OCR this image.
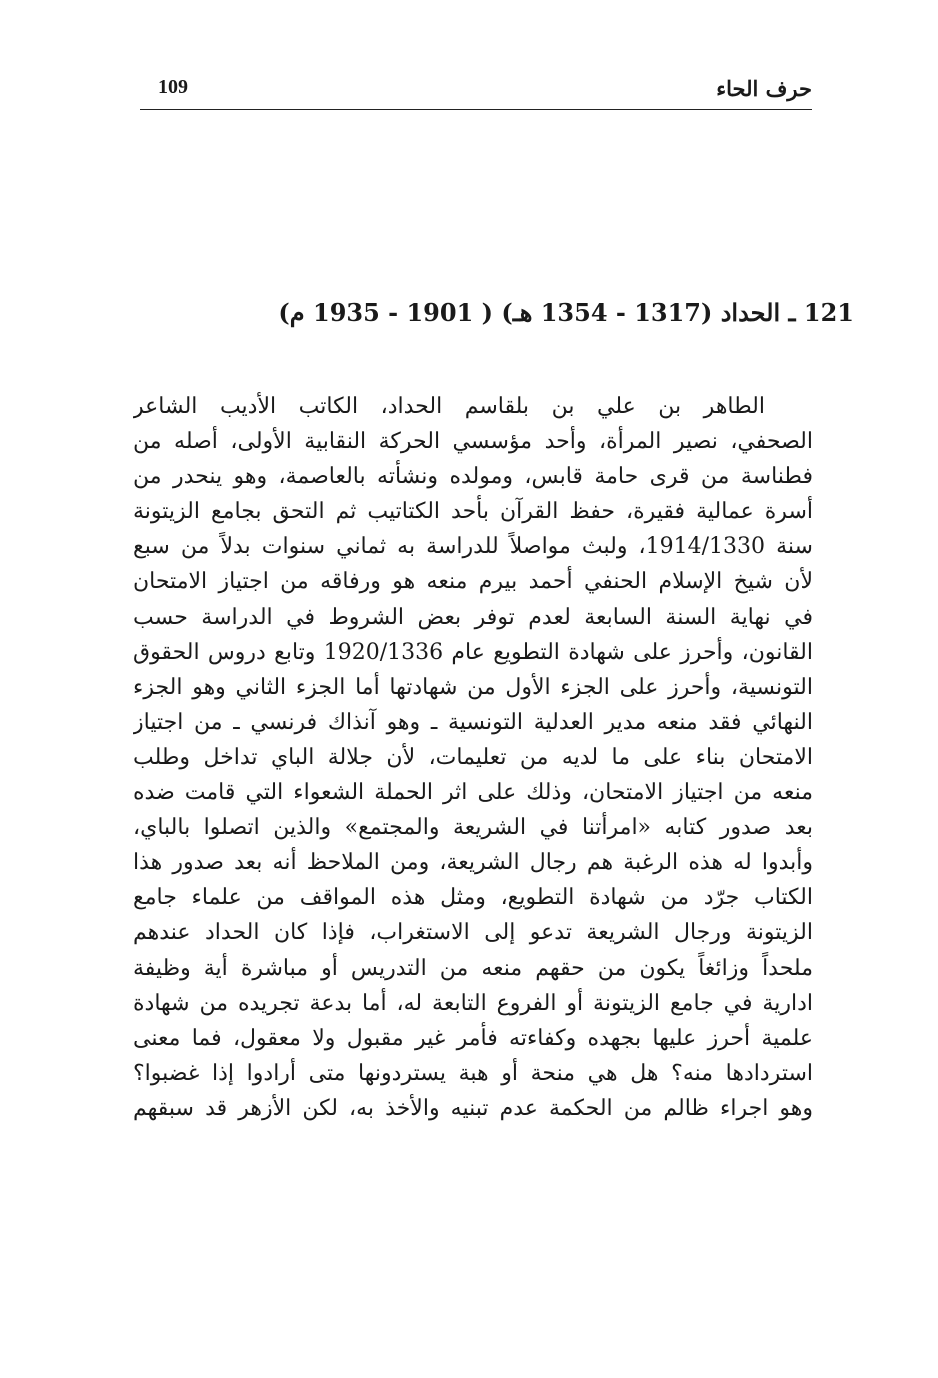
109	حرف الحاء
121 ـ الحداد (1317 - 1354 هـ) ( 1901 - 1935 م)
الطاهر بن علي بن بلقاسم الحداد، الكاتب الأديب الشاعر
الصحفي، نصير المرأة، وأحد مؤسسي الحركة النقابية الأولى، أصله من
فطناسة من قرى حامة قابس، ومولده ونشأته بالعاصمة، وهو ينحدر من
أسرة عمالية فقيرة، حفظ القرآن بأحد الكتاتيب ثم التحق بجامع الزيتونة
سنة 1914/1330، ولبث مواصلاً للدراسة به ثماني سنوات بدلاً من سبع
لأن شيخ الإسلام الحنفي أحمد بيرم منعه هو ورفاقه من اجتياز الامتحان
في نهاية السنة السابعة لعدم توفر بعض الشروط في الدراسة حسب
القانون، وأحرز على شهادة التطويع عام 1920/1336 وتابع دروس الحقوق
التونسية، وأحرز على الجزء الأول من شهادتها أما الجزء الثاني وهو الجزء
النهائي فقد منعه مدير العدلية التونسية ـ وهو آنذاك فرنسي ـ من اجتياز
الامتحان بناء على ما لديه من تعليمات، لأن جلالة الباي تداخل وطلب
منعه من اجتياز الامتحان، وذلك على اثر الحملة الشعواء التي قامت ضده
بعد صدور كتابه «امرأتنا في الشريعة والمجتمع» والذين اتصلوا بالباي،
وأبدوا له هذه الرغبة هم رجال الشريعة، ومن الملاحظ أنه بعد صدور هذا
الكتاب جرّد من شهادة التطويع، ومثل هذه المواقف من علماء جامع
الزيتونة ورجال الشريعة تدعو إلى الاستغراب، فإذا كان الحداد عندهم
ملحداً وزائغاً يكون من حقهم منعه من التدريس أو مباشرة أية وظيفة
ادارية في جامع الزيتونة أو الفروع التابعة له، أما بدعة تجريده من شهادة
علمية أحرز عليها بجهده وكفاءته فأمر غير مقبول ولا معقول، فما معنى
استردادها منه؟ هل هي منحة أو هبة يستردونها متى أرادوا إذا غضبوا؟
وهو اجراء ظالم من الحكمة عدم تبنيه والأخذ به، لكن الأزهر قد سبقهم
